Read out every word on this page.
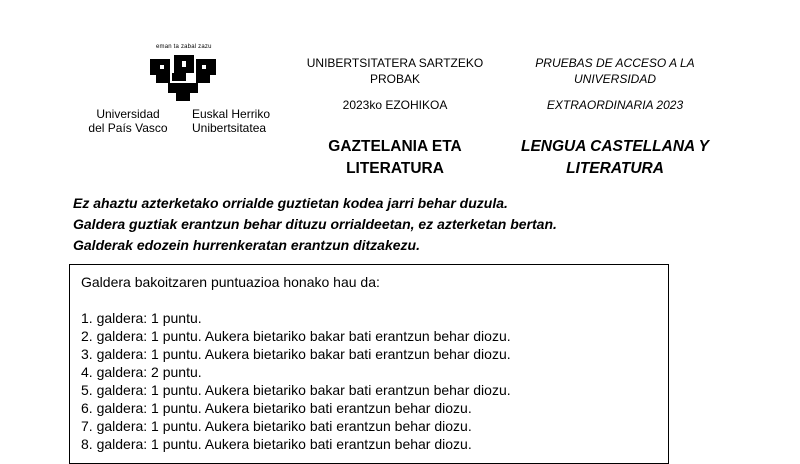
eman ta zabal zazu
Universidad
del País Vasco
Euskal Herriko
Unibertsitatea
UNIBERTSITATERA SARTZEKO
PROBAK
2023ko EZOHIKOA
GAZTELANIA ETA
LITERATURA
PRUEBAS DE ACCESO A LA
UNIVERSIDAD
EXTRAORDINARIA 2023
LENGUA CASTELLANA Y
LITERATURA
Ez ahaztu azterketako orrialde guztietan kodea jarri behar duzula.
Galdera guztiak erantzun behar dituzu orrialdeetan, ez azterketan bertan.
Galderak edozein hurrenkeratan erantzun ditzakezu.
Galdera bakoitzaren puntuazioa honako hau da:
1. galdera: 1 puntu.
2. galdera: 1 puntu. Aukera bietariko bakar bati erantzun behar diozu.
3. galdera: 1 puntu. Aukera bietariko bakar bati erantzun behar diozu.
4. galdera: 2 puntu.
5. galdera: 1 puntu. Aukera bietariko bakar bati erantzun behar diozu.
6. galdera: 1 puntu. Aukera bietariko bati erantzun behar diozu.
7. galdera: 1 puntu. Aukera bietariko bati erantzun behar diozu.
8. galdera: 1 puntu. Aukera bietariko bati erantzun behar diozu.
